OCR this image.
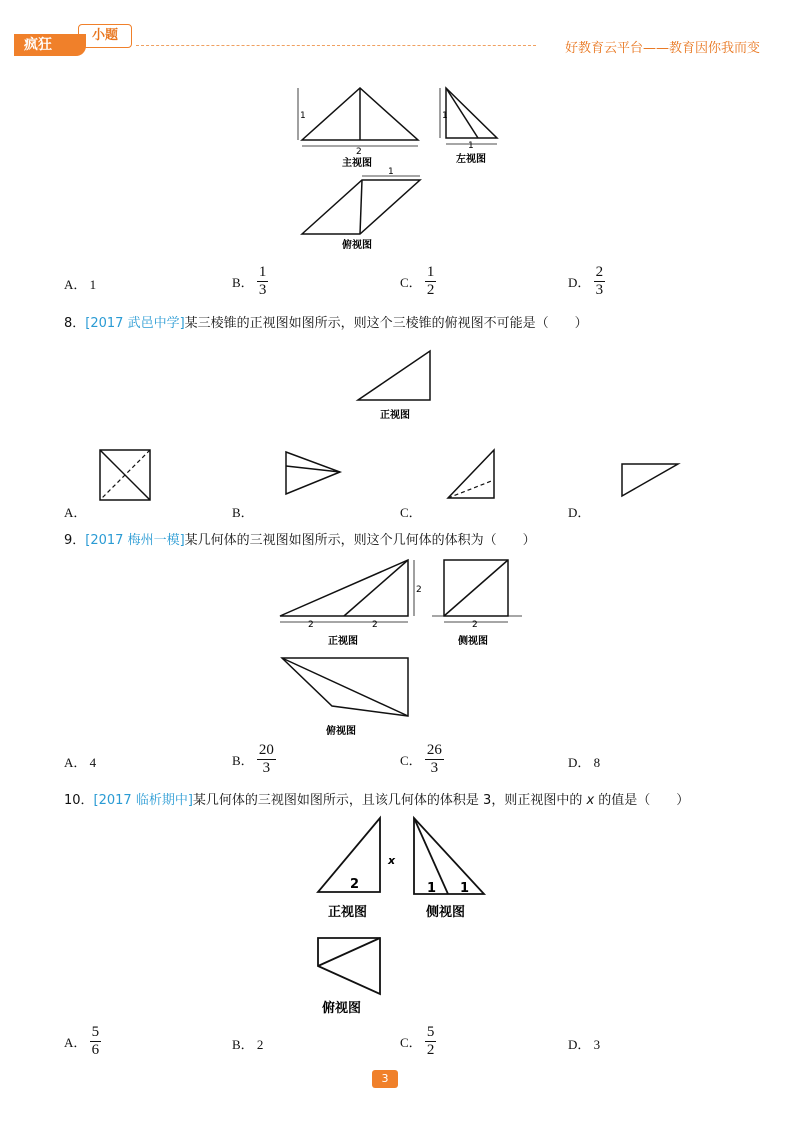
小题
疯狂	好教育云平台——教育因你我而变
1
2
1
1
1
主视图	左视图
俯视图
A． 1	B． $\frac{1}{3}$	C． $\frac{1}{2}$	D． $\frac{2}{3}$
8．[2017 武邑中学]某三棱锥的正视图如图所示，则这个三棱锥的俯视图不可能是（　　）
正视图
A．	B．	C．	D．
9．[2017 梅州一模]某几何体的三视图如图所示，则这个几何体的体积为（　　）
2	2
2
2
正视图	侧视图
俯视图
A． 4	B． $\frac{20}{3}$	C． $\frac{26}{3}$	D． 8
10．[2017 临析期中]某几何体的三视图如图所示，且该几何体的体积是 3，则正视图中的 x 的值是（　　）
x
2	1 1
正视图	侧视图
俯视图
A． $\frac{5}{6}$	B． 2	C． $\frac{5}{2}$	D． 3
3
